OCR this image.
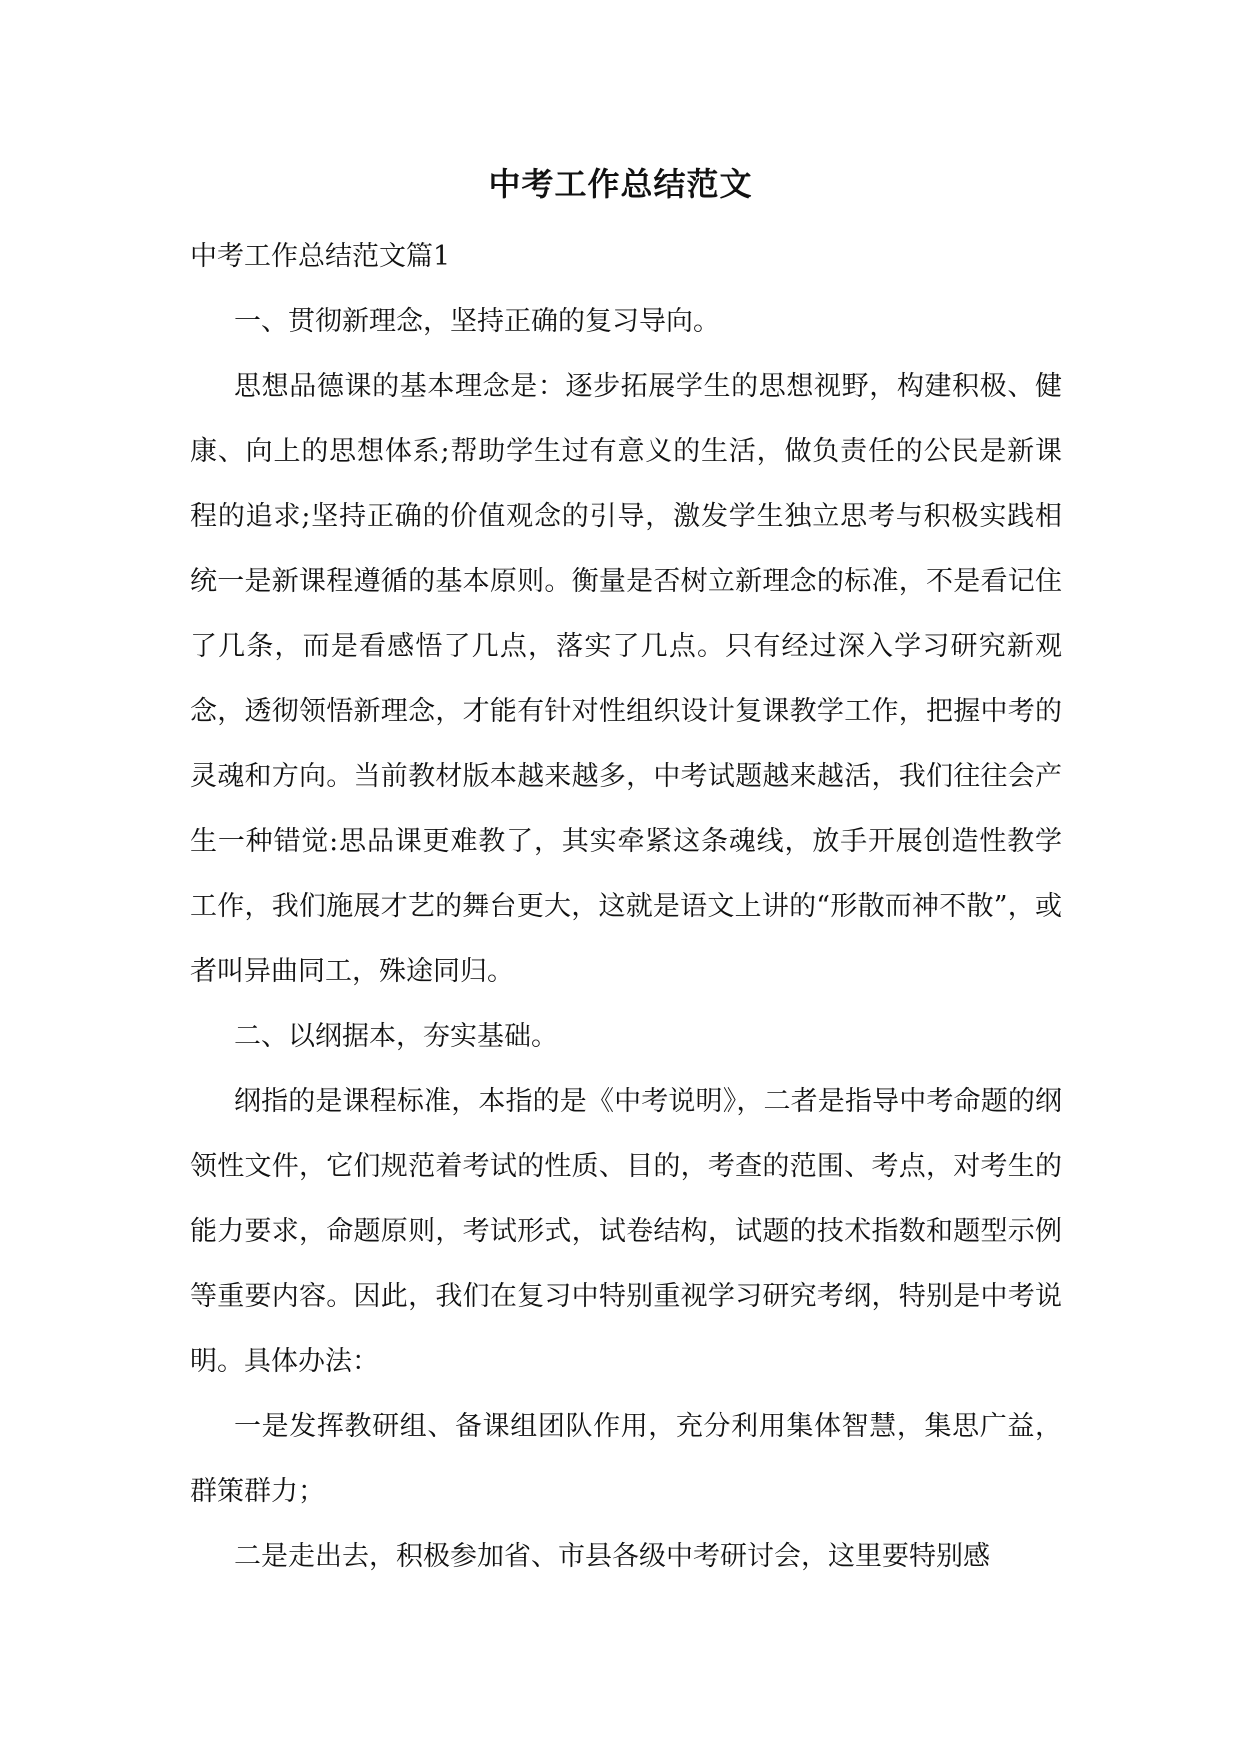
中考工作总结范文

中考工作总结范文篇1

一、贯彻新理念，坚持正确的复习导向。

思想品德课的基本理念是：逐步拓展学生的思想视野，构建积极、健康、向上的思想体系;帮助学生过有意义的生活，做负责任的公民是新课程的追求;坚持正确的价值观念的引导，激发学生独立思考与积极实践相统一是新课程遵循的基本原则。衡量是否树立新理念的标准，不是看记住了几条，而是看感悟了几点，落实了几点。只有经过深入学习研究新观念，透彻领悟新理念，才能有针对性组织设计复课教学工作，把握中考的灵魂和方向。当前教材版本越来越多，中考试题越来越活，我们往往会产生一种错觉:思品课更难教了，其实牵紧这条魂线，放手开展创造性教学工作，我们施展才艺的舞台更大，这就是语文上讲的“形散而神不散”，或者叫异曲同工，殊途同归。

二、以纲据本，夯实基础。

纲指的是课程标准，本指的是《中考说明》，二者是指导中考命题的纲领性文件，它们规范着考试的性质、目的，考查的范围、考点，对考生的能力要求，命题原则，考试形式，试卷结构，试题的技术指数和题型示例等重要内容。因此，我们在复习中特别重视学习研究考纲，特别是中考说明。具体办法：

一是发挥教研组、备课组团队作用，充分利用集体智慧，集思广益，群策群力；

二是走出去，积极参加省、市县各级中考研讨会，这里要特别感
